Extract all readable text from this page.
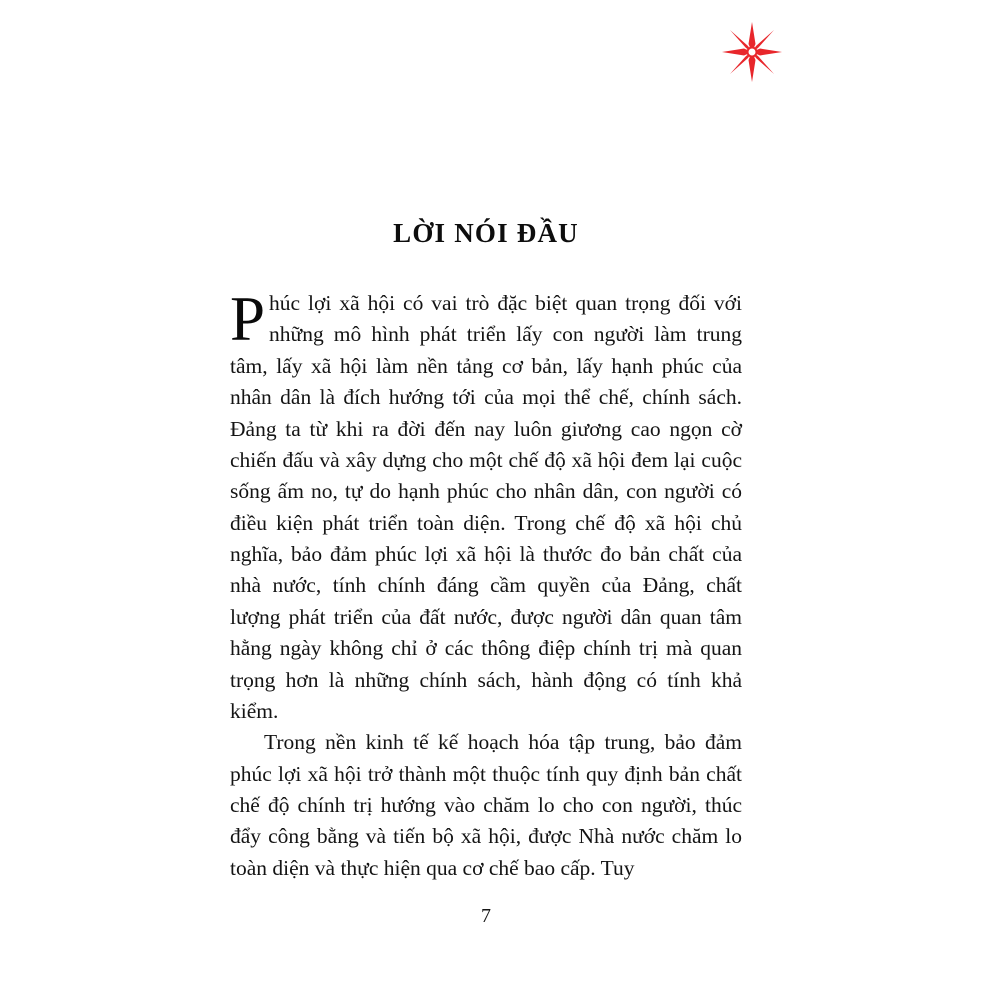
LỜI NÓI ĐẦU

Phúc lợi xã hội có vai trò đặc biệt quan trọng đối với những mô hình phát triển lấy con người làm trung tâm, lấy xã hội làm nền tảng cơ bản, lấy hạnh phúc của nhân dân là đích hướng tới của mọi thể chế, chính sách. Đảng ta từ khi ra đời đến nay luôn giương cao ngọn cờ chiến đấu và xây dựng cho một chế độ xã hội đem lại cuộc sống ấm no, tự do hạnh phúc cho nhân dân, con người có điều kiện phát triển toàn diện. Trong chế độ xã hội chủ nghĩa, bảo đảm phúc lợi xã hội là thước đo bản chất của nhà nước, tính chính đáng cầm quyền của Đảng, chất lượng phát triển của đất nước, được người dân quan tâm hằng ngày không chỉ ở các thông điệp chính trị mà quan trọng hơn là những chính sách, hành động có tính khả kiểm.

Trong nền kinh tế kế hoạch hóa tập trung, bảo đảm phúc lợi xã hội trở thành một thuộc tính quy định bản chất chế độ chính trị hướng vào chăm lo cho con người, thúc đẩy công bằng và tiến bộ xã hội, được Nhà nước chăm lo toàn diện và thực hiện qua cơ chế bao cấp. Tuy

7
